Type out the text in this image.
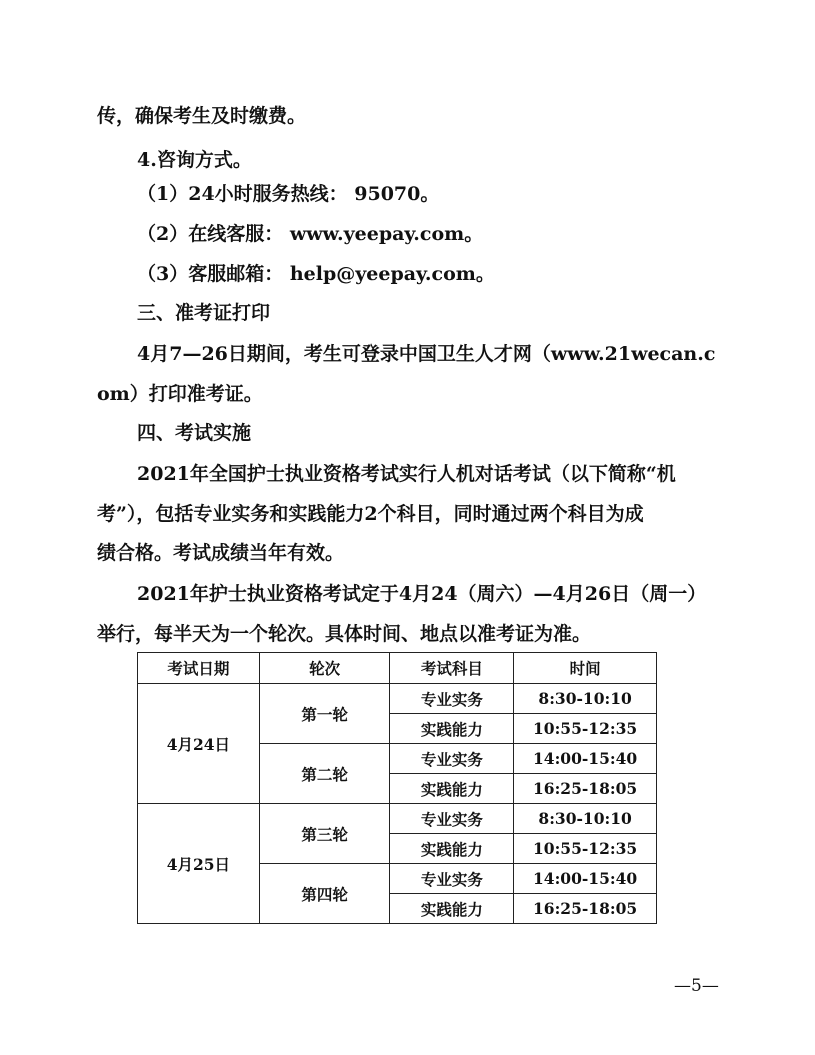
传，确保考生及时缴费。
4.咨询方式。
（1）24小时服务热线： 95070。
（2）在线客服： www.yeepay.com。
（3）客服邮箱： help@yeepay.com。
三、准考证打印
4月7—26日期间，考生可登录中国卫生人才网（www.21wecan.c
om）打印准考证。
四、考试实施
2021年全国护士执业资格考试实行人机对话考试（以下简称“机
考”），包括专业实务和实践能力2个科目，同时通过两个科目为成
绩合格。考试成绩当年有效。
2021年护士执业资格考试定于4月24（周六）—4月26日（周一）
举行，每半天为一个轮次。具体时间、地点以准考证为准。
考试日期	轮次	考试科目	时间
4月24日	第一轮	专业实务	8:30-10:10
		实践能力	10:55-12:35
	第二轮	专业实务	14:00-15:40
		实践能力	16:25-18:05
4月25日	第三轮	专业实务	8:30-10:10
		实践能力	10:55-12:35
	第四轮	专业实务	14:00-15:40
		实践能力	16:25-18:05
—5—
